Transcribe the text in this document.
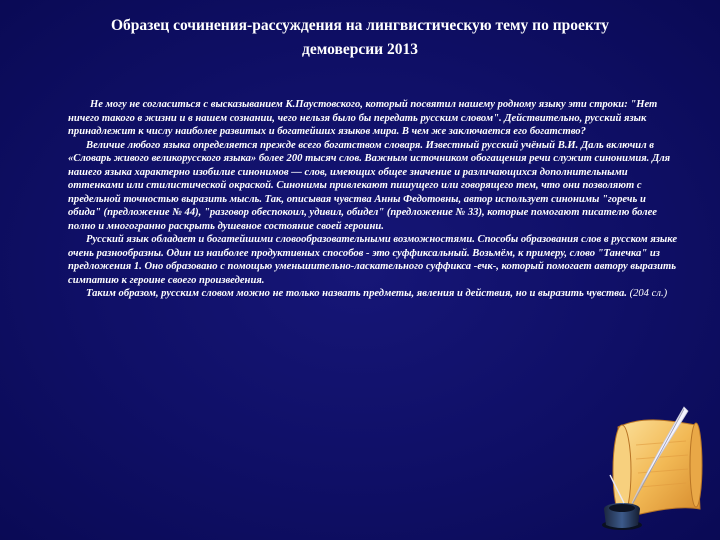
Образец сочинения-рассуждения на лингвистическую тему по проекту
демоверсии 2013

Не могу не согласиться с высказыванием К.Паустовского, который посвятил нашему родному языку эти строки: "Нет ничего такого в жизни и в нашем сознании, чего нельзя было бы передать русским словом". Действительно, русский язык принадлежит к числу наиболее развитых и богатейших языков мира. В чем же заключается его богатство?

Величие любого языка определяется прежде всего богатством словаря. Известный русский учёный В.И. Даль включил в «Словарь живого великорусского языка» более 200 тысяч слов. Важным источником обогащения речи служит синонимия. Для нашего языка характерно изобилие синонимов — слов, имеющих общее значение и различающихся дополнительными оттенками или стилистической окраской. Синонимы привлекают пишущего или говорящего тем, что они позволяют с предельной точностью выразить мысль. Так, описывая чувства Анны Федотовны, автор использует синонимы "горечь и обида" (предложение № 44), "разговор обеспокоил, удивил, обидел" (предложение № 33), которые помогают писателю более полно и многогранно раскрыть душевное состояние своей героини.

Русский язык обладает и богатейшими словообразовательными возможностями. Способы образования слов в русском языке очень разнообразны. Один из наиболее продуктивных способов - это суффиксальный. Возьмём, к примеру, слово "Танечка" из предложения 1. Оно образовано с помощью уменьшительно-ласкательного суффикса -ечк-, который помогает автору выразить симпатию к героине своего произведения.

Таким образом, русским словом можно не только назвать предметы, явления и действия, но и выразить чувства. (204 сл.)
